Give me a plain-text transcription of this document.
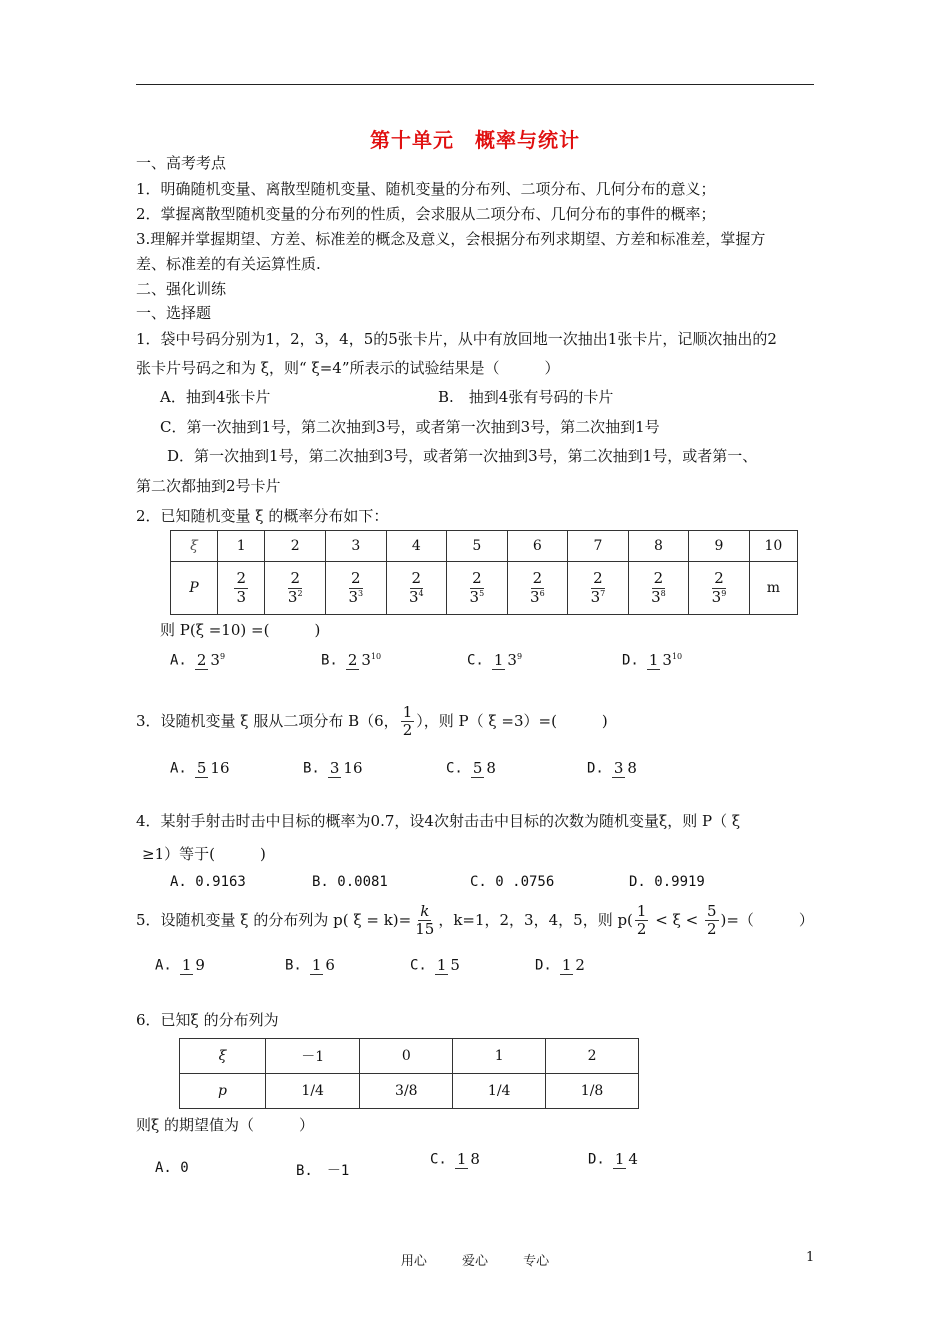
第十单元　概率与统计
一、高考考点
1．明确随机变量、离散型随机变量、随机变量的分布列、二项分布、几何分布的意义；
2．掌握离散型随机变量的分布列的性质，会求服从二项分布、几何分布的事件的概率；
3.理解并掌握期望、方差、标准差的概念及意义，会根据分布列求期望、方差和标准差，掌握方
差、标准差的有关运算性质.
二、强化训练
一、选择题
1．袋中号码分别为1，2，3，4，5的5张卡片，从中有放回地一次抽出1张卡片，记顺次抽出的2
张卡片号码之和为 ξ，则“ ξ=4”所表示的试验结果是（　　　）
A．抽到4张卡片	B.　抽到4张有号码的卡片
C．第一次抽到1号，第二次抽到3号，或者第一次抽到3号，第二次抽到1号
D．第一次抽到1号，第二次抽到3号，或者第一次抽到3号，第二次抽到1号，或者第一、
第二次都抽到2号卡片
2．已知随机变量 ξ 的概率分布如下：
ξ	1	2	3	4	5	6	7	8	9	10
P	$\frac{2}{3}$	$\frac{2}{3^2}$	$\frac{2}{3^3}$	$\frac{2}{3^4}$	$\frac{2}{3^5}$	$\frac{2}{3^6}$	$\frac{2}{3^7}$	$\frac{2}{3^8}$	$\frac{2}{3^9}$	m
则 P(ξ =10) =(　　　)
A. 2 $3^9$	B. 2 $3^{10}$	C. 1 $3^9$	D. 1 $3^{10}$
3．设随机变量 ξ 服从二项分布 B（6， $\frac{1}{2}$ ），则 P（ ξ =3）=(　　　)
A. 5 16	B. 3 16	C. 5 8	D. 3 8
4．某射手射击时击中目标的概率为0.7，设4次射击击中目标的次数为随机变量ξ，则 P（ ξ
≥1）等于(　　　)
A. 0.9163	B. 0.0081	C. 0 .0756	D. 0.9919
5．设随机变量 ξ 的分布列为 p( $\xi = k)= \frac{k}{15}$ ，k=1，2，3，4，5，则 $p( \frac{1}{2} < \xi < \frac{5}{2}$ )=（　　　）
A. 1 9	B. 1 6	C. 1 5	D. 1 2
6．已知ξ 的分布列为
ξ	－1	0	1	2
p	1/4	3/8	1/4	1/8
则ξ 的期望值为（　　　）
A. 0	B.　－1
C. 1 8	D. 1 4
用心　 爱心　 专心	1
